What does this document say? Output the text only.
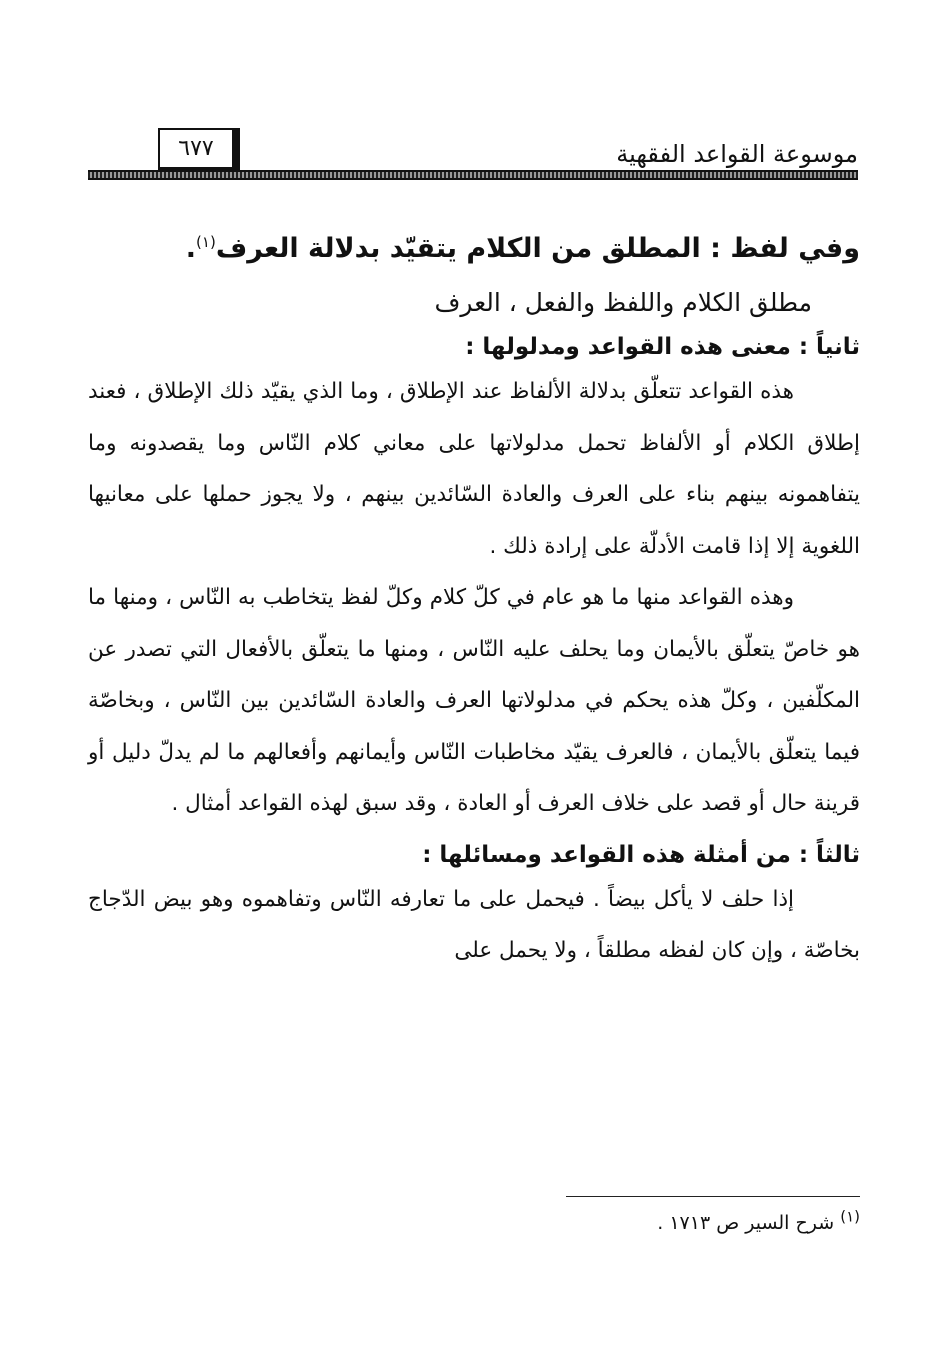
موسوعة القواعد الفقهية
٦٧٧

وفي لفظ : المطلق من الكلام يتقيّد بدلالة العرف$^{(١)}$.

مطلق الكلام واللفظ والفعل ، العرف

ثانياً : معنى هذه القواعد ومدلولها :

هذه القواعد تتعلّق بدلالة الألفاظ عند الإطلاق ، وما الذي يقيّد ذلك الإطلاق ، فعند إطلاق الكلام أو الألفاظ تحمل مدلولاتها على معاني كلام النّاس وما يقصدونه وما يتفاهمونه بينهم بناء على العرف والعادة السّائدين بينهم ، ولا يجوز حملها على معانيها اللغوية إلا إذا قامت الأدلّة على إرادة ذلك .

وهذه القواعد منها ما هو عام في كلّ كلام وكلّ لفظ يتخاطب به النّاس ، ومنها ما هو خاصّ يتعلّق بالأيمان وما يحلف عليه النّاس ، ومنها ما يتعلّق بالأفعال التي تصدر عن المكلّفين ، وكلّ هذه يحكم في مدلولاتها العرف والعادة السّائدين بين النّاس ، وبخاصّة فيما يتعلّق بالأيمان ، فالعرف يقيّد مخاطبات النّاس وأيمانهم وأفعالهم ما لم يدلّ دليل أو قرينة حال أو قصد على خلاف العرف أو العادة ، وقد سبق لهذه القواعد أمثال .

ثالثاً : من أمثلة هذه القواعد ومسائلها :

إذا حلف لا يأكل بيضاً . فيحمل على ما تعارفه النّاس وتفاهموه وهو بيض الدّجاج بخاصّة ، وإن كان لفظه مطلقاً ، ولا يحمل على

$^{(١)}$ شرح السير ص ١٧١٣ .
